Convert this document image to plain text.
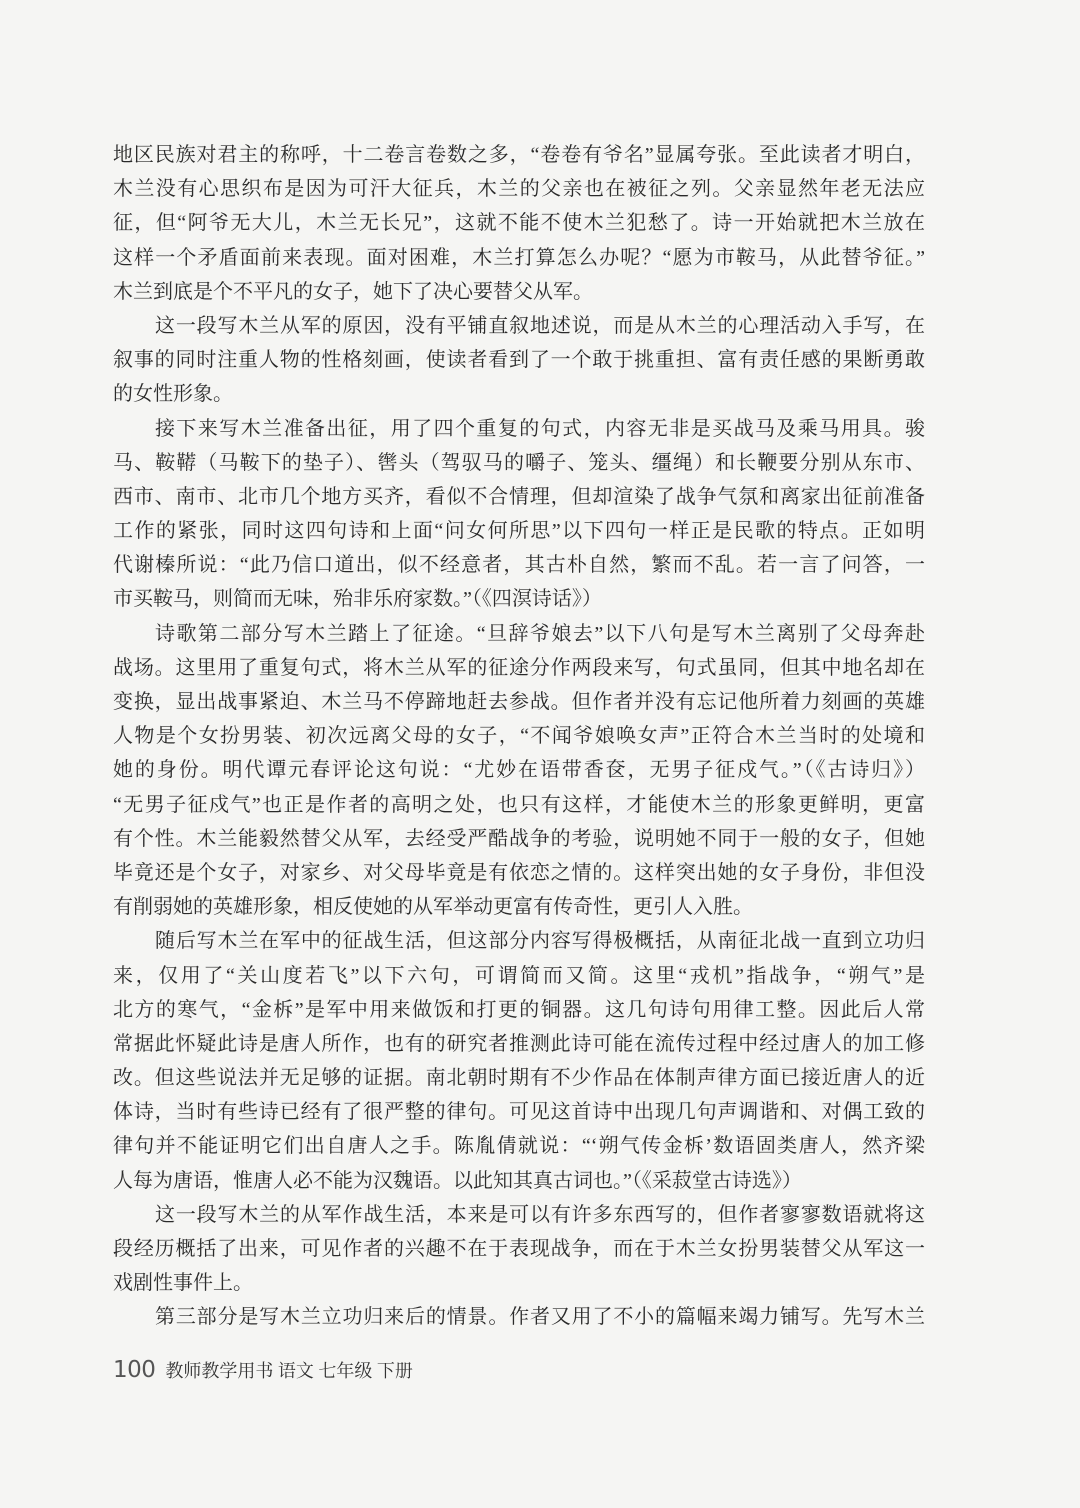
地区民族对君主的称呼，十二卷言卷数之多，“卷卷有爷名”显属夸张。至此读者才明白，
木兰没有心思织布是因为可汗大征兵，木兰的父亲也在被征之列。父亲显然年老无法应
征，但“阿爷无大儿，木兰无长兄”，这就不能不使木兰犯愁了。诗一开始就把木兰放在
这样一个矛盾面前来表现。面对困难，木兰打算怎么办呢？“愿为市鞍马，从此替爷征。”
木兰到底是个不平凡的女子，她下了决心要替父从军。
这一段写木兰从军的原因，没有平铺直叙地述说，而是从木兰的心理活动入手写，在
叙事的同时注重人物的性格刻画，使读者看到了一个敢于挑重担、富有责任感的果断勇敢
的女性形象。
接下来写木兰准备出征，用了四个重复的句式，内容无非是买战马及乘马用具。骏
马、鞍鞯（马鞍下的垫子）、辔头（驾驭马的嚼子、笼头、缰绳）和长鞭要分别从东市、
西市、南市、北市几个地方买齐，看似不合情理，但却渲染了战争气氛和离家出征前准备
工作的紧张，同时这四句诗和上面“问女何所思”以下四句一样正是民歌的特点。正如明
代谢榛所说：“此乃信口道出，似不经意者，其古朴自然，繁而不乱。若一言了问答，一
市买鞍马，则简而无味，殆非乐府家数。”（《四溟诗话》）
诗歌第二部分写木兰踏上了征途。“旦辞爷娘去”以下八句是写木兰离别了父母奔赴
战场。这里用了重复句式，将木兰从军的征途分作两段来写，句式虽同，但其中地名却在
变换，显出战事紧迫、木兰马不停蹄地赶去参战。但作者并没有忘记他所着力刻画的英雄
人物是个女扮男装、初次远离父母的女子，“不闻爷娘唤女声”正符合木兰当时的处境和
她的身份。明代谭元春评论这句说：“尤妙在语带香奁，无男子征戍气。”（《古诗归》）
“无男子征戍气”也正是作者的高明之处，也只有这样，才能使木兰的形象更鲜明，更富
有个性。木兰能毅然替父从军，去经受严酷战争的考验，说明她不同于一般的女子，但她
毕竟还是个女子，对家乡、对父母毕竟是有依恋之情的。这样突出她的女子身份，非但没
有削弱她的英雄形象，相反使她的从军举动更富有传奇性，更引人入胜。
随后写木兰在军中的征战生活，但这部分内容写得极概括，从南征北战一直到立功归
来，仅用了“关山度若飞”以下六句，可谓简而又简。这里“戎机”指战争，“朔气”是
北方的寒气，“金柝”是军中用来做饭和打更的铜器。这几句诗句用律工整。因此后人常
常据此怀疑此诗是唐人所作，也有的研究者推测此诗可能在流传过程中经过唐人的加工修
改。但这些说法并无足够的证据。南北朝时期有不少作品在体制声律方面已接近唐人的近
体诗，当时有些诗已经有了很严整的律句。可见这首诗中出现几句声调谐和、对偶工致的
律句并不能证明它们出自唐人之手。陈胤倩就说：“‘朔气传金柝’数语固类唐人，然齐梁
人每为唐语，惟唐人必不能为汉魏语。以此知其真古词也。”（《采菽堂古诗选》）
这一段写木兰的从军作战生活，本来是可以有许多东西写的，但作者寥寥数语就将这
段经历概括了出来，可见作者的兴趣不在于表现战争，而在于木兰女扮男装替父从军这一
戏剧性事件上。
第三部分是写木兰立功归来后的情景。作者又用了不小的篇幅来竭力铺写。先写木兰
100 教师教学用书 语文 七年级 下册
